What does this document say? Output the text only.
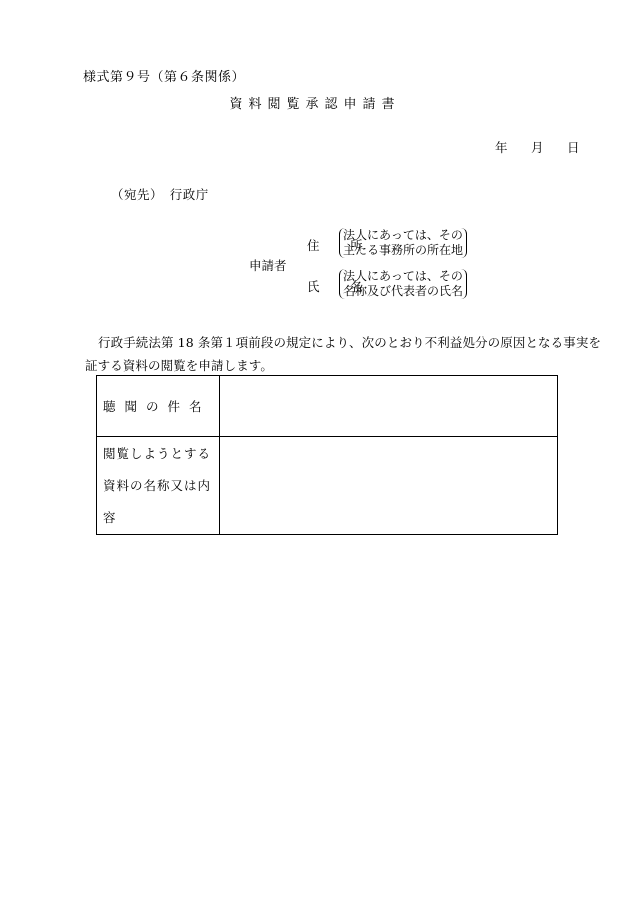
様式第９号（第６条関係）
資料閲覧承認申請書
年 月 日
（宛先）　行政庁
申請者
住　所
法人にあっては、その
主たる事務所の所在地
氏　名
法人にあっては、その
名称及び代表者の氏名
行政手続法第 18 条第１項前段の規定により、次のとおり不利益処分の原因となる事実を証する資料の閲覧を申請します。
聴聞の件名	

閲覧しようとする
資料の名称又は内容	
